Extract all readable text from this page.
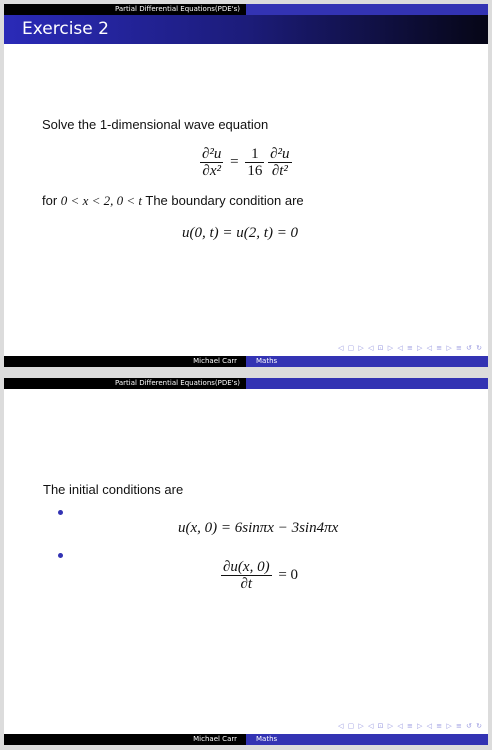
Partial Differential Equations(PDE's)
Exercise 2
Solve the 1-dimensional wave equation
$\frac{\text{∂²u}}{\text{∂x²}} = \frac{1}{16}$
$\frac{\text{∂²u}}{\text{∂t²}}$
for 0 < x < 2, 0 < t The boundary condition are
u(0, t) = u(2, t) = 0
◁ ▢ ▷ ◁ ⊡ ▷ ◁ ≡ ▷ ◁ ≡ ▷ ≡ ↺ ↻
Michael Carr	Maths
Partial Differential Equations(PDE's)
The initial conditions are
u(x, 0) = 6sinπx − 3sin4πx
$\frac{\partial u(x, 0)}{\partial t} = 0$
◁ ▢ ▷ ◁ ⊡ ▷ ◁ ≡ ▷ ◁ ≡ ▷ ≡ ↺ ↻
Michael Carr	Maths
